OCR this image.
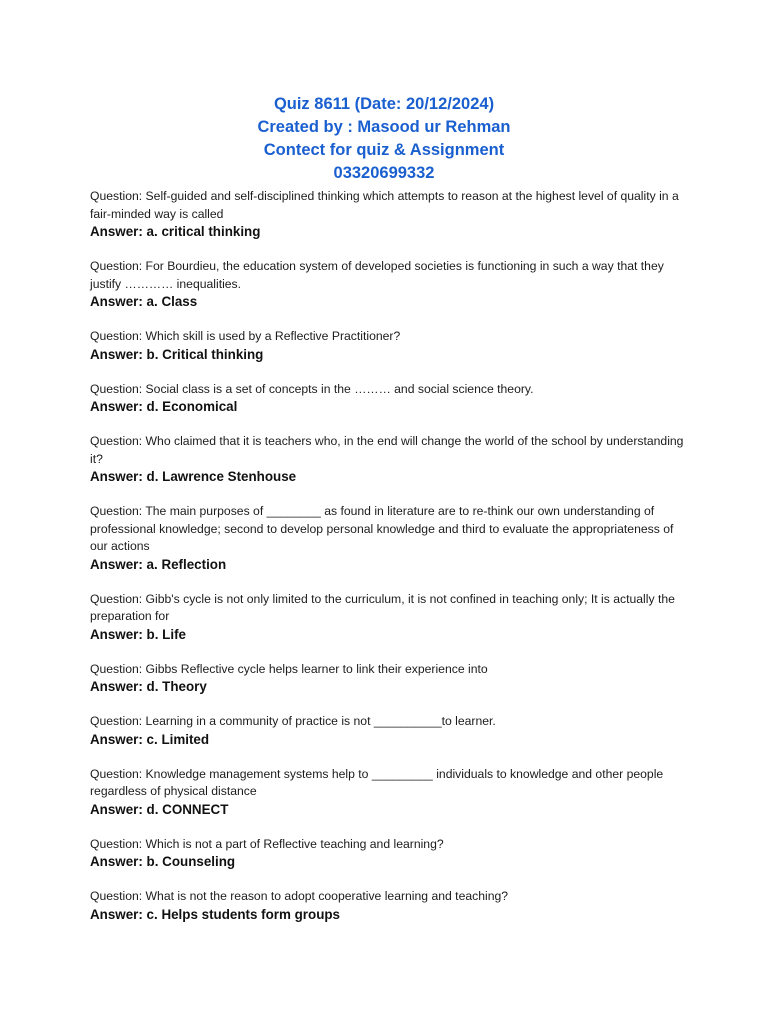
Quiz 8611 (Date: 20/12/2024)
Created by : Masood ur Rehman
Contect for quiz & Assignment
03320699332

Question: Self-guided and self-disciplined thinking which attempts to reason at the highest level of quality in a fair-minded way is called

Answer: a. critical thinking

Question: For Bourdieu, the education system of developed societies is functioning in such a way that they justify ………… inequalities.

Answer: a. Class

Question: Which skill is used by a Reflective Practitioner?

Answer: b. Critical thinking

Question: Social class is a set of concepts in the ……… and social science theory.

Answer: d. Economical

Question: Who claimed that it is teachers who, in the end will change the world of the school by understanding it?

Answer: d. Lawrence Stenhouse

Question: The main purposes of ________ as found in literature are to re-think our own understanding of professional knowledge; second to develop personal knowledge and third to evaluate the appropriateness of our actions

Answer: a. Reflection

Question: Gibb's cycle is not only limited to the curriculum, it is not confined in teaching only; It is actually the preparation for

Answer: b. Life

Question: Gibbs Reflective cycle helps learner to link their experience into

Answer: d. Theory

Question: Learning in a community of practice is not __________to learner.

Answer: c. Limited

Question: Knowledge management systems help to _________ individuals to knowledge and other people regardless of physical distance

Answer: d. CONNECT

Question: Which is not a part of Reflective teaching and learning?

Answer: b. Counseling

Question: What is not the reason to adopt cooperative learning and teaching?

Answer: c. Helps students form groups
